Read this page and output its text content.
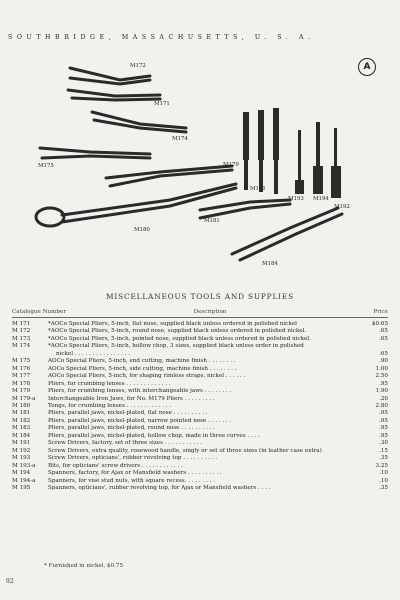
SOUTHBRIDGE, MASSACHUSETTS, U. S. A.
A
M172
M171
M174
M179
M175
M191
M193 M194
M192
M181
M180
M184
MISCELLANEOUS TOOLS AND SUPPLIES
Catalogue Number	Description	Price
M 171	*AOCo Special Pliers, 5-inch, flat nose, supplied black unless ordered in polished nickel	$0.65
M 172	*AOCo Special Pliers, 5-inch, round nose, supplied black unless ordered in polished nickel.	.65
M 173	*AOCo Special Pliers, 5-inch, pointed nose, supplied black unless ordered in polished nickel.	.65
M 174	*AOCo Special Pliers, 5-inch, hollow chop, 3 sizes, supplied black unless order in polished
nickel . . . . . . . . . . . . . . . .	.65
M 175	AOCo Special Pliers, 5-inch, end cutting, machine finish . . . . . . . .	.90
M 176	AOCo Special Pliers, 5-inch, side cutting, machine finish . . . . . . . .	1.00
M 177	AOCo Special Pliers, 5-inch, for shaping rimless straps, nickel . . . . . .	2.50
M 178	Pliers, for crumbing lenses . . . . . . . . . . . . .	.95
M 179	Pliers, for crumbing lenses, with interchangeable jaws . . . . . . . .	1.90
M 179-a	Interchangeable Iron Jaws, for No. M179 Pliers . . . . . . . . .	.20
M 180	Tongs, for crumbing lenses . . . . . . . . . . . . .	2.80
M 181	Pliers, parallel jaws, nickel-plated, flat nose . . . . . . . . . .	.95
M 182	Pliers, parallel jaws, nickel-plated, narrow pointed nose . . . . . . .	.95
M 183	Pliers, parallel jaws, nickel-plated, round nose . . . . . . . . . .	.95
M 184	Pliers, parallel jaws, nickel-plated, hollow chop, made in three curves . . . .	.95
M 191	Screw Drivers, factory, set of three sizes . . . . . . . . . . .	.30
M 192	Screw Drivers, extra quality, rosewood handle, singly or set of three sizes (in leather case extra)	.15
M 193	Screw Drivers, opticians', rubber revolving top . . . . . . . . . .	.35
M 193-a	Bits, for opticians' screw drivers . . . . . . . . . . . .	3.25
M 194	Spanners, factory, for Ajax or Mansfield washers . . . . . . . . . .	.10
M 194-a	Spanners, for vise stud nuts, with square recess. . . . . . . . .	.10
M 195	Spanners, opticians', rubber revolving top, for Ajax or Mansfield washers . . . .	.35
* Furnished in nickel, $0.75
92
